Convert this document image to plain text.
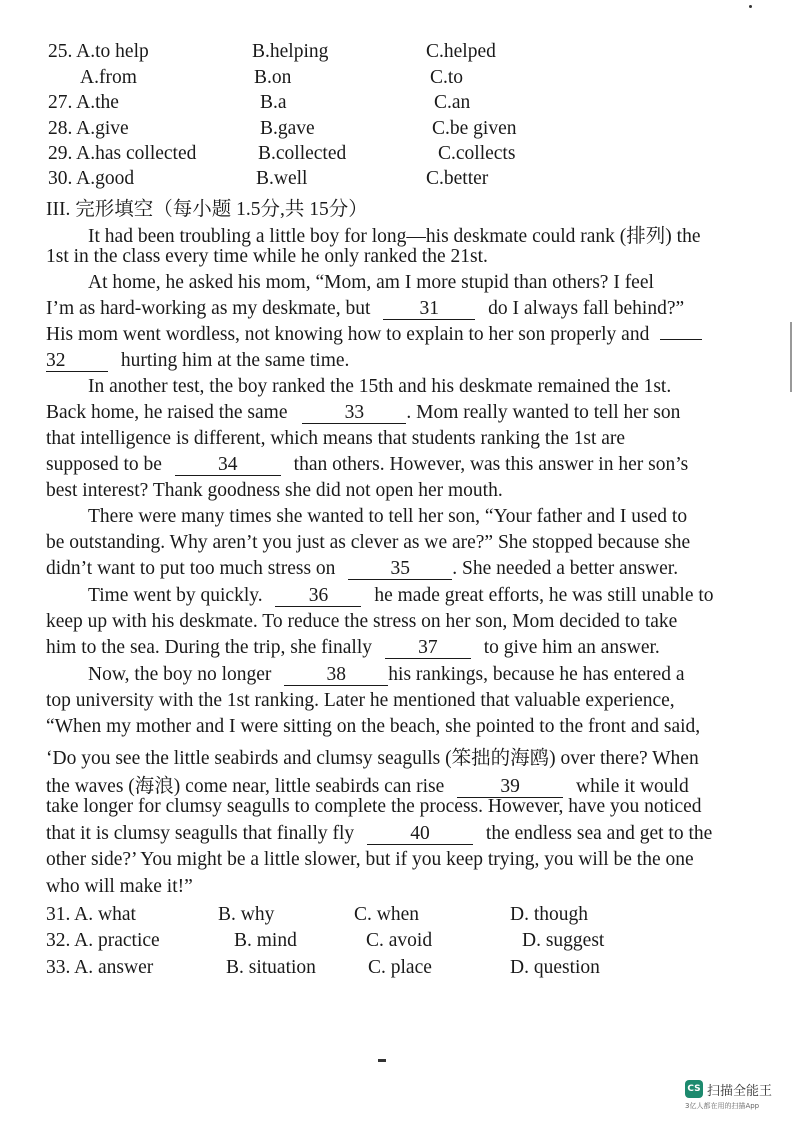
25. A.to help	B.helping	C.helped
A.from	B.on	C.to
27. A.the	B.a	C.an
28. A.give	B.gave	C.be given
29. A.has collected	B.collected	C.collects
30. A.good	B.well	C.better
III. 完形填空（每小题 1.5分,共 15分）
It had been troubling a little boy for long—his deskmate could rank (排列) the
1st in the class every time while he only ranked the 21st.
At home, he asked his mom, “Mom, am I more stupid than others? I feel
I’m as hard-working as my deskmate, but	31	do I always fall behind?”
His mom went wordless, not knowing how to explain to her son properly and
32	hurting him at the same time.
In another test, the boy ranked the 15th and his deskmate remained the 1st.
Back home, he raised the same	33 . Mom really wanted to tell her son
that intelligence is different, which means that students ranking the 1st are
supposed to be	34	than others. However, was this answer in her son’s
best interest? Thank goodness she did not open her mouth.
There were many times she wanted to tell her son, “Your father and I used to
be outstanding. Why aren’t you just as clever as we are?” She stopped because she
didn’t want to put too much stress on	35 . She needed a better answer.
Time went by quickly. 36 he made great efforts, he was still unable to
keep up with his deskmate. To reduce the stress on her son, Mom decided to take
him to the sea. During the trip, she finally 37 to give him an answer.
Now, the boy no longer	38 his rankings, because he has entered a
top university with the 1st ranking. Later he mentioned that valuable experience,
“When my mother and I were sitting on the beach, she pointed to the front and said,
‘Do you see the little seabirds and clumsy seagulls (笨拙的海鸥) over there? When
the waves (海浪) come near, little seabirds can rise	39	while it would
take longer for clumsy seagulls to complete the process. However, have you noticed
that it is clumsy seagulls that finally fly	40	the endless sea and get to the
other side?’ You might be a little slower, but if you keep trying, you will be the one
who will make it!”
31. A. what	B. why	C. when	D. though
32. A. practice	B. mind	C. avoid	D. suggest
33. A. answer	B. situation	C. place	D. question
CS 扫描全能王
3亿人都在用的扫描App
